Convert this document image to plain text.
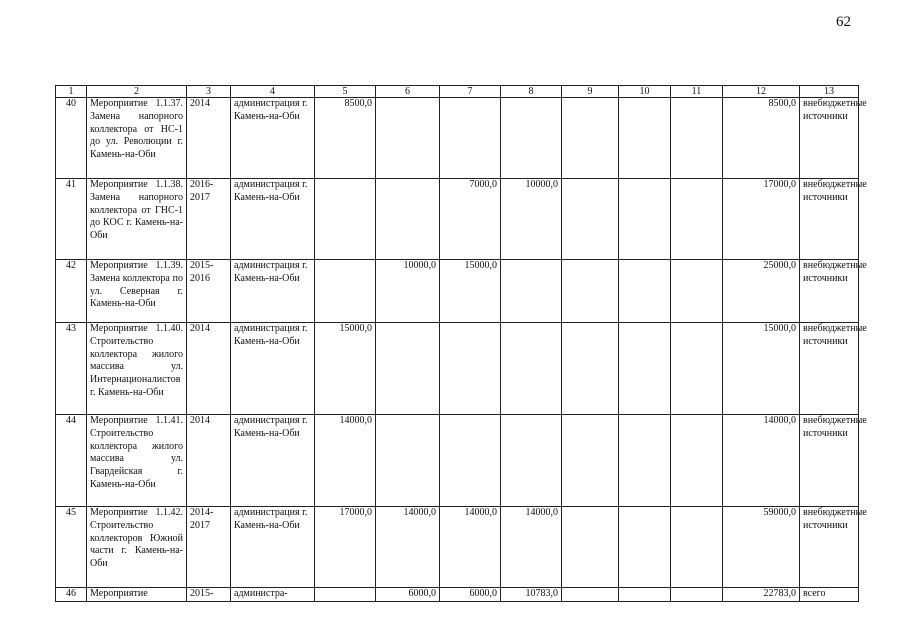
62
1	2	3	4	5	6	7	8	9	10	11	12	13
40	Мероприятие 1.1.37. Замена напорного коллектора от НС-1 до ул. Революции г. Камень-на-Оби	2014	администрация г. Камень-на-Оби	8500,0							8500,0	внебюджетные источники
41	Мероприятие 1.1.38. Замена напорного коллектора от ГНС-1 до КОС г. Камень-на-Оби	2016-2017	администрация г. Камень-на-Оби			7000,0	10000,0				17000,0	внебюджетные источники
42	Мероприятие 1.1.39. Замена коллектора по ул. Северная г. Камень-на-Оби	2015-2016	администрация г. Камень-на-Оби		10000,0	15000,0					25000,0	внебюджетные источники
43	Мероприятие 1.1.40. Строительство коллектора жилого массива ул. Интернационалистов г. Камень-на-Оби	2014	администрация г. Камень-на-Оби	15000,0							15000,0	внебюджетные источники
44	Мероприятие 1.1.41. Строительство коллектора жилого массива ул. Гвардейская г. Камень-на-Оби	2014	администрация г. Камень-на-Оби	14000,0							14000,0	внебюджетные источники
45	Мероприятие 1.1.42. Строительство коллекторов Южной части г. Камень-на-Оби	2014-2017	администрация г. Камень-на-Оби	17000,0	14000,0	14000,0	14000,0				59000,0	внебюджетные источники
46	Мероприятие	2015-	администра-		6000,0	6000,0	10783,0				22783,0	всего
